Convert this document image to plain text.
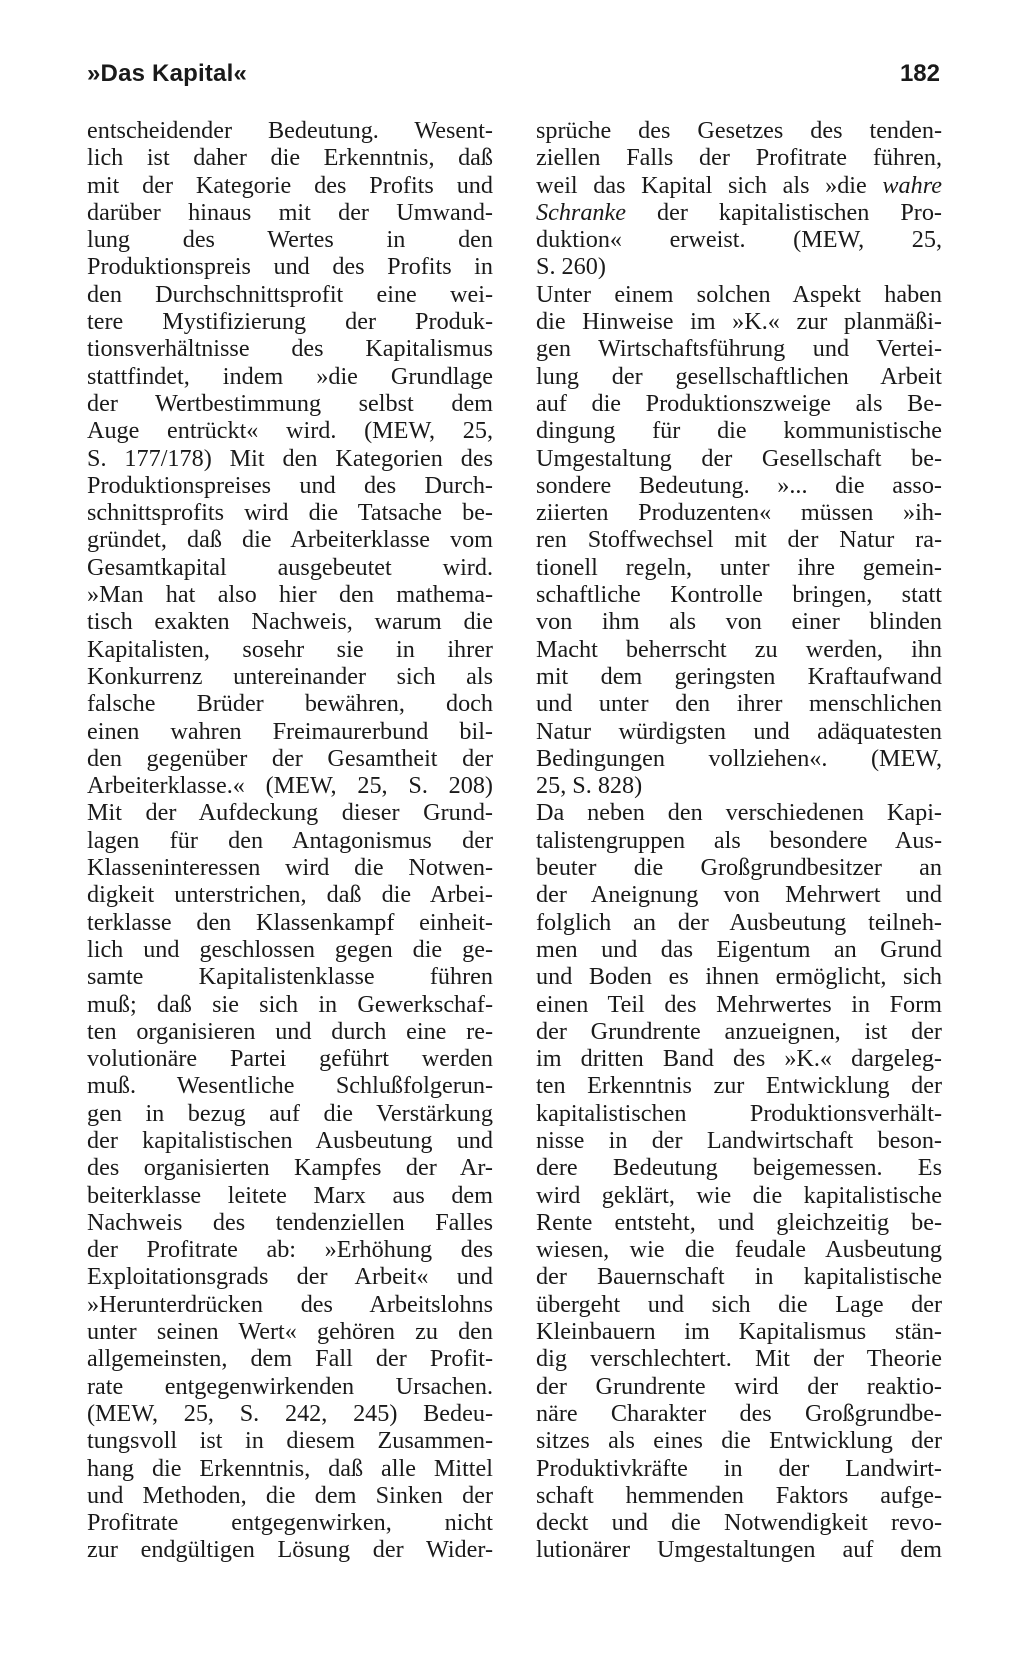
»Das Kapital«	182
entscheidender Bedeutung. Wesent-
lich ist daher die Erkenntnis, daß
mit der Kategorie des Profits und
darüber hinaus mit der Umwand-
lung des Wertes in den
Produktionspreis und des Profits in
den Durchschnittsprofit eine wei-
tere Mystifizierung der Produk-
tionsverhältnisse des Kapitalismus
stattfindet, indem »die Grundlage
der Wertbestimmung selbst dem
Auge entrückt« wird. (MEW, 25,
S. 177/178) Mit den Kategorien des
Produktionspreises und des Durch-
schnittsprofits wird die Tatsache be-
gründet, daß die Arbeiterklasse vom
Gesamtkapital ausgebeutet wird.
»Man hat also hier den mathema-
tisch exakten Nachweis, warum die
Kapitalisten, sosehr sie in ihrer
Konkurrenz untereinander sich als
falsche Brüder bewähren, doch
einen wahren Freimaurerbund bil-
den gegenüber der Gesamtheit der
Arbeiterklasse.« (MEW, 25, S. 208)
Mit der Aufdeckung dieser Grund-
lagen für den Antagonismus der
Klasseninteressen wird die Notwen-
digkeit unterstrichen, daß die Arbei-
terklasse den Klassenkampf einheit-
lich und geschlossen gegen die ge-
samte Kapitalistenklasse führen
muß; daß sie sich in Gewerkschaf-
ten organisieren und durch eine re-
volutionäre Partei geführt werden
muß. Wesentliche Schlußfolgerun-
gen in bezug auf die Verstärkung
der kapitalistischen Ausbeutung und
des organisierten Kampfes der Ar-
beiterklasse leitete Marx aus dem
Nachweis des tendenziellen Falles
der Profitrate ab: »Erhöhung des
Exploitationsgrads der Arbeit« und
»Herunterdrücken des Arbeitslohns
unter seinen Wert« gehören zu den
allgemeinsten, dem Fall der Profit-
rate entgegenwirkenden Ursachen.
(MEW, 25, S. 242, 245) Bedeu-
tungsvoll ist in diesem Zusammen-
hang die Erkenntnis, daß alle Mittel
und Methoden, die dem Sinken der
Profitrate entgegenwirken, nicht
zur endgültigen Lösung der Wider-
sprüche des Gesetzes des tenden-
ziellen Falls der Profitrate führen,
weil das Kapital sich als »die wahre
Schranke der kapitalistischen Pro-
duktion« erweist. (MEW, 25,
S. 260)
Unter einem solchen Aspekt haben
die Hinweise im »K.« zur planmäßi-
gen Wirtschaftsführung und Vertei-
lung der gesellschaftlichen Arbeit
auf die Produktionszweige als Be-
dingung für die kommunistische
Umgestaltung der Gesellschaft be-
sondere Bedeutung. »... die asso-
ziierten Produzenten« müssen »ih-
ren Stoffwechsel mit der Natur ra-
tionell regeln, unter ihre gemein-
schaftliche Kontrolle bringen, statt
von ihm als von einer blinden
Macht beherrscht zu werden, ihn
mit dem geringsten Kraftaufwand
und unter den ihrer menschlichen
Natur würdigsten und adäquatesten
Bedingungen vollziehen«. (MEW,
25, S. 828)
Da neben den verschiedenen Kapi-
talistengruppen als besondere Aus-
beuter die Großgrundbesitzer an
der Aneignung von Mehrwert und
folglich an der Ausbeutung teilneh-
men und das Eigentum an Grund
und Boden es ihnen ermöglicht, sich
einen Teil des Mehrwertes in Form
der Grundrente anzueignen, ist der
im dritten Band des »K.« dargeleg-
ten Erkenntnis zur Entwicklung der
kapitalistischen Produktionsverhält-
nisse in der Landwirtschaft beson-
dere Bedeutung beigemessen. Es
wird geklärt, wie die kapitalistische
Rente entsteht, und gleichzeitig be-
wiesen, wie die feudale Ausbeutung
der Bauernschaft in kapitalistische
übergeht und sich die Lage der
Kleinbauern im Kapitalismus stän-
dig verschlechtert. Mit der Theorie
der Grundrente wird der reaktio-
näre Charakter des Großgrundbe-
sitzes als eines die Entwicklung der
Produktivkräfte in der Landwirt-
schaft hemmenden Faktors aufge-
deckt und die Notwendigkeit revo-
lutionärer Umgestaltungen auf dem
